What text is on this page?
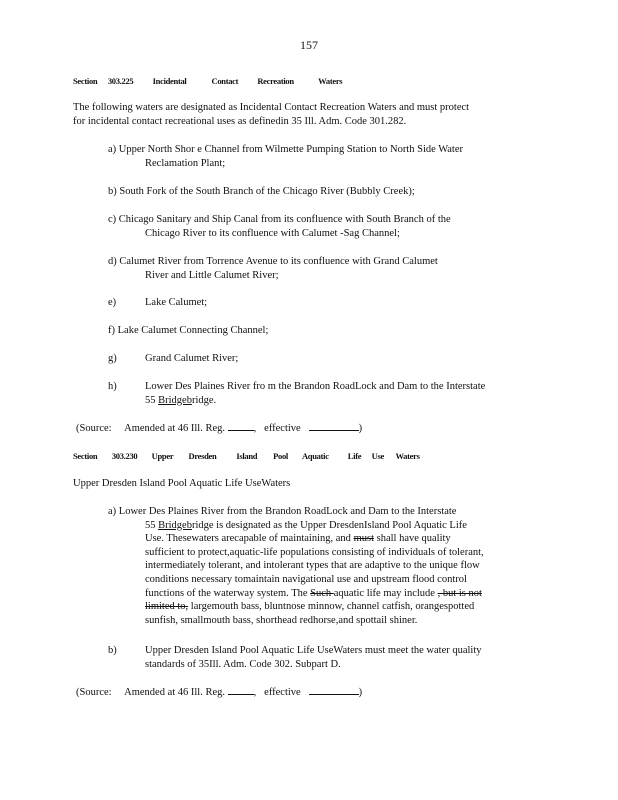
157
Section 303.225 Incidental	Contact Recreation	Waters
The following waters are designated as Incidental Contact Recreation Waters and must protect
for incidental contact recreational uses as definedin 35 Ill. Adm. Code 301.282.
a) Upper North Shor e Channel from Wilmette Pumping Station to North Side Water
Reclamation Plant;
b) South Fork of the South Branch of the Chicago River (Bubbly Creek);
c) Chicago Sanitary and Ship Canal from its confluence with South Branch of the
Chicago River to its confluence with Calumet -Sag Channel;
d) Calumet River from Torrence Avenue to its confluence with Grand Calumet
River and Little Calumet River;
e)	Lake Calumet;
f) Lake Calumet Connecting Channel;
g)	Grand Calumet River;
h)	Lower Des Plaines River fro m the Brandon RoadLock and Dam to the Interstate
55 Bridgebridge.
(Source: Amended at 46 Ill. Reg.	, effective	)
Section 303.230 Upper Dresden Island Pool Aquatic Life Use Waters
Upper Dresden Island Pool Aquatic Life UseWaters
a) Lower Des Plaines River from the Brandon RoadLock and Dam to the Interstate
55 Bridgebridge is designated as the Upper DresdenIsland Pool Aquatic Life
Use. Thesewaters arecapable of maintaining, and must shall have quality
sufficient to protect,aquatic-life populations consisting of individuals of tolerant,
intermediately tolerant, and intolerant types that are adaptive to the unique flow
conditions necessary tomaintain navigational use and upstream flood control
functions of the waterway system. The Such aquatic life may include , but is not
limited to, largemouth bass, bluntnose minnow, channel catfish, orangespotted
sunfish, smallmouth bass, shorthead redhorse,and spottail shiner.
b)	Upper Dresden Island Pool Aquatic Life UseWaters must meet the water quality
standards of 35Ill. Adm. Code 302. Subpart D.
(Source: Amended at 46 Ill. Reg.	, effective	)
